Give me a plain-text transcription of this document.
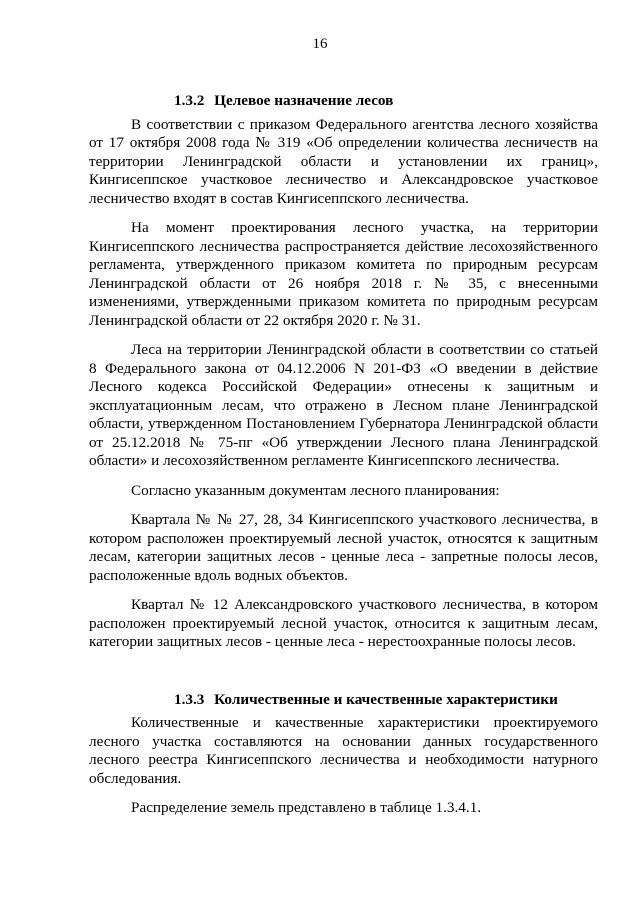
16
1.3.2 Целевое назначение лесов

В соответствии с приказом Федерального агентства лесного хозяйства от 17 октября 2008 года № 319 «Об определении количества лесничеств на территории Ленинградской области и установлении их границ», Кингисеппское участковое лесничество и Александровское участковое лесничество входят в состав Кингисеппского лесничества.

На момент проектирования лесного участка, на территории Кингисеппского лесничества распространяется действие лесохозяйственного регламента, утвержденного приказом комитета по природным ресурсам Ленинградской области от 26 ноября 2018 г. № 35, с внесенными изменениями, утвержденными приказом комитета по природным ресурсам Ленинградской области от 22 октября 2020 г. № 31.

Леса на территории Ленинградской области в соответствии со статьей 8 Федерального закона от 04.12.2006 N 201-ФЗ «О введении в действие Лесного кодекса Российской Федерации» отнесены к защитным и эксплуатационным лесам, что отражено в Лесном плане Ленинградской области, утвержденном Постановлением Губернатора Ленинградской области от 25.12.2018 № 75-пг «Об утверждении Лесного плана Ленинградской области» и лесохозяйственном регламенте Кингисеппского лесничества.

Согласно указанным документам лесного планирования:

Квартала № № 27, 28, 34 Кингисеппского участкового лесничества, в котором расположен проектируемый лесной участок, относятся к защитным лесам, категории защитных лесов - ценные леса - запретные полосы лесов, расположенные вдоль водных объектов.

Квартал № 12 Александровского участкового лесничества, в котором расположен проектируемый лесной участок, относится к защитным лесам, категории защитных лесов - ценные леса - нерестоохранные полосы лесов.

1.3.3 Количественные и качественные характеристики

Количественные и качественные характеристики проектируемого лесного участка составляются на основании данных государственного лесного реестра Кингисеппского лесничества и необходимости натурного обследования.

Распределение земель представлено в таблице 1.3.4.1.
